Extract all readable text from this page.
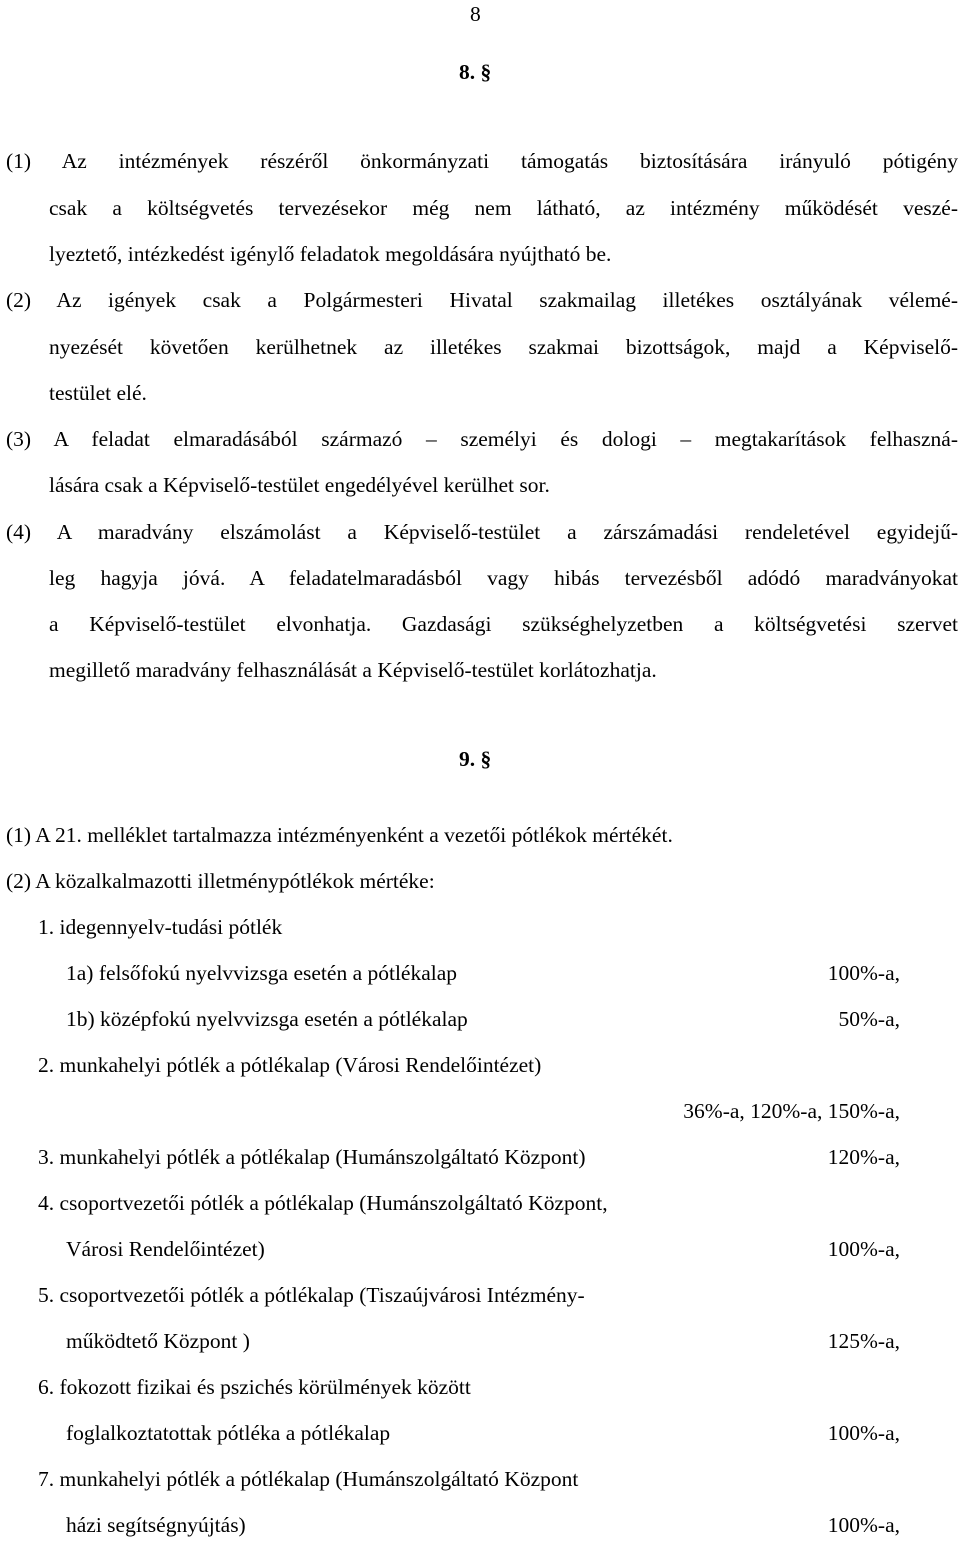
8
8. §
(1) Az intézmények részéről önkormányzati támogatás biztosítására irányuló pótigény
csak a költségvetés tervezésekor még nem látható, az intézmény működését veszé-
lyeztető, intézkedést igénylő feladatok megoldására nyújtható be.
(2) Az igények csak a Polgármesteri Hivatal szakmailag illetékes osztályának vélemé-
nyezését követően kerülhetnek az illetékes szakmai bizottságok, majd a Képviselő-
testület elé.
(3) A feladat elmaradásából származó – személyi és dologi – megtakarítások felhaszná-
lására csak a Képviselő-testület engedélyével kerülhet sor.
(4) A maradvány elszámolást a Képviselő-testület a zárszámadási rendeletével egyidejű-
leg hagyja jóvá. A feladatelmaradásból vagy hibás tervezésből adódó maradványokat
a Képviselő-testület elvonhatja. Gazdasági szükséghelyzetben a költségvetési szervet
megillető maradvány felhasználását a Képviselő-testület korlátozhatja.
9. §
(1) A 21. melléklet tartalmazza intézményenként a vezetői pótlékok mértékét.
(2) A közalkalmazotti illetménypótlékok mértéke:
1. idegennyelv-tudási pótlék
1a) felsőfokú nyelvvizsga esetén a pótlékalap	100%-a,
1b) középfokú nyelvvizsga esetén a pótlékalap	50%-a,
2. munkahelyi pótlék a pótlékalap (Városi Rendelőintézet)
36%-a, 120%-a, 150%-a,
3. munkahelyi pótlék a pótlékalap (Humánszolgáltató Központ)	120%-a,
4. csoportvezetői pótlék a pótlékalap (Humánszolgáltató Központ,
Városi Rendelőintézet)	100%-a,
5. csoportvezetői pótlék a pótlékalap (Tiszaújvárosi Intézmény-
működtető Központ )	125%-a,
6. fokozott fizikai és pszichés körülmények között
foglalkoztatottak pótléka a pótlékalap	100%-a,
7. munkahelyi pótlék a pótlékalap (Humánszolgáltató Központ
házi segítségnyújtás)	100%-a,
